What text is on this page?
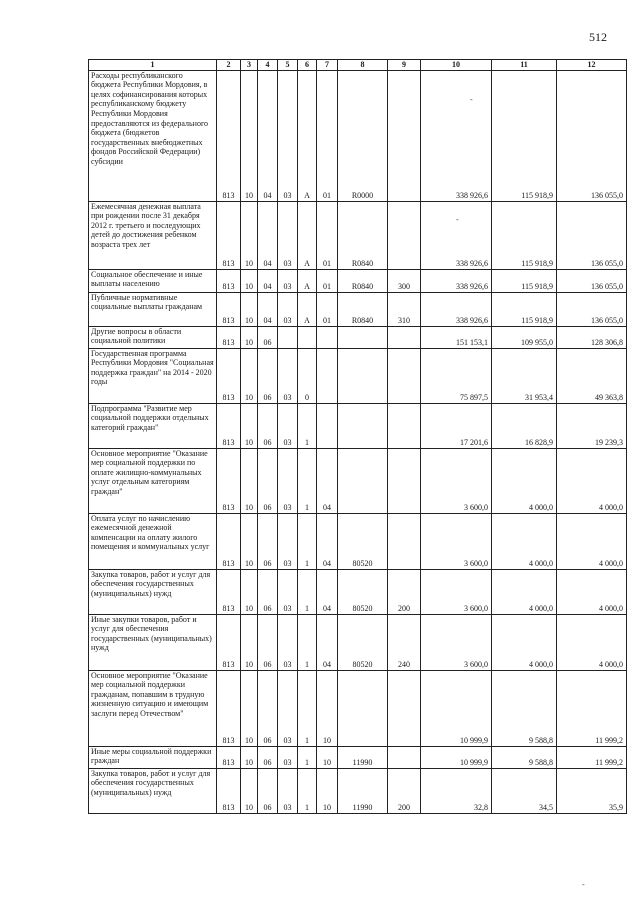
512
1	2	3	4	5	6	7	8	9	10	11	12
Расходы республиканского бюджета Республики Мордовия, в целях софинансирования которых республиканскому бюджету Республики Мордовия предоставляются из федерального бюджета (бюджетов государственных внебюджетных фондов Российской Федерации) субсидии	813	10	04	03	А	01	R0000		338 926,6	115 918,9	136 055,0
Ежемесячная денежная выплата при рождении после 31 декабря 2012 г. третьего и последующих детей до достижения ребенком возраста трех лет	813	10	04	03	А	01	R0840		338 926,6	115 918,9	136 055,0
Социальное обеспечение и иные выплаты населению	813	10	04	03	А	01	R0840	300	338 926,6	115 918,9	136 055,0
Публичные нормативные социальные выплаты гражданам	813	10	04	03	А	01	R0840	310	338 926,6	115 918,9	136 055,0
Другие вопросы в области социальной политики	813	10	06						151 153,1	109 955,0	128 306,8
Государственная программа Республики Мордовия "Социальная поддержка граждан" на 2014 - 2020 годы	813	10	06	03	0				75 897,5	31 953,4	49 363,8
Подпрограмма "Развитие мер социальной поддержки отдельных категорий граждан"	813	10	06	03	1				17 201,6	16 828,9	19 239,3
Основное мероприятие "Оказание мер социальной поддержки по оплате жилищно-коммунальных услуг отдельным категориям граждан"	813	10	06	03	1	04			3 600,0	4 000,0	4 000,0
Оплата услуг по начислению ежемесячной денежной компенсации на оплату жилого помещения и коммунальных услуг	813	10	06	03	1	04	80520		3 600,0	4 000,0	4 000,0
Закупка товаров, работ и услуг для обеспечения государственных (муниципальных) нужд	813	10	06	03	1	04	80520	200	3 600,0	4 000,0	4 000,0
Иные закупки товаров, работ и услуг для обеспечения государственных (муниципальных) нужд	813	10	06	03	1	04	80520	240	3 600,0	4 000,0	4 000,0
Основное мероприятие "Оказание мер социальной поддержки гражданам, попавшим в трудную жизненную ситуацию и имеющим заслуги перед Отечеством"	813	10	06	03	1	10			10 999,9	9 588,8	11 999,2
Иные меры социальной поддержки граждан	813	10	06	03	1	10	11990		10 999,9	9 588,8	11 999,2
Закупка товаров, работ и услуг для обеспечения государственных (муниципальных) нужд	813	10	06	03	1	10	11990	200	32,8	34,5	35,9
-
-
-
